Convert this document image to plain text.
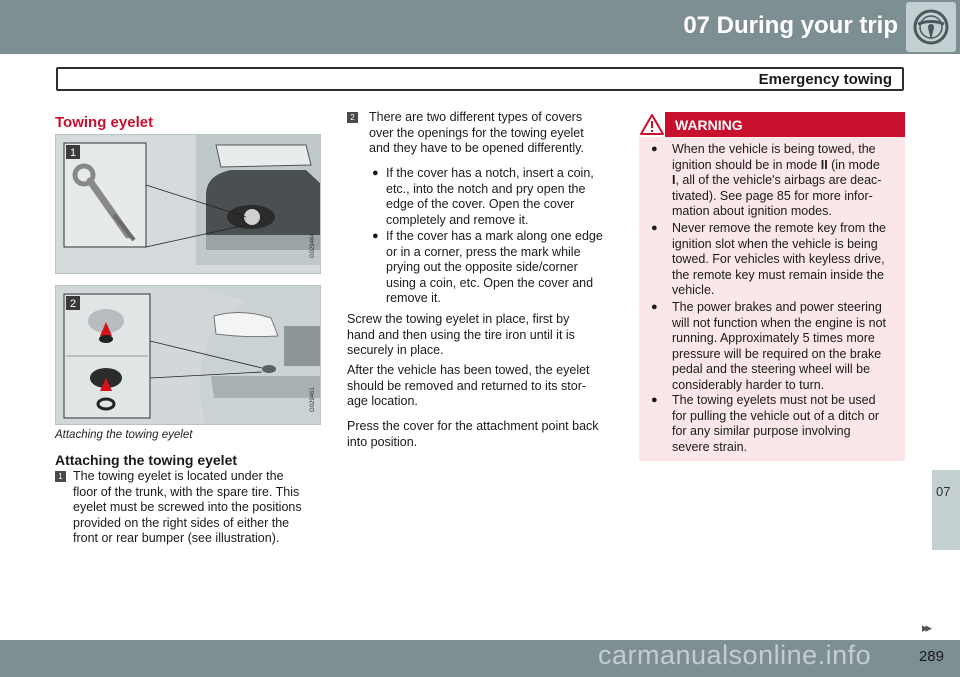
07 During your trip
Emergency towing
Towing eyelet
1
G029464
2
G029461
Attaching the towing eyelet
Attaching the towing eyelet
1 The towing eyelet is located under the
floor of the trunk, with the spare tire. This
eyelet must be screwed into the positions
provided on the right sides of either the
front or rear bumper (see illustration).
2 There are two different types of covers
over the openings for the towing eyelet
and they have to be opened differently.
● If the cover has a notch, insert a coin,
etc., into the notch and pry open the
edge of the cover. Open the cover
completely and remove it.
● If the cover has a mark along one edge
or in a corner, press the mark while
prying out the opposite side/corner
using a coin, etc. Open the cover and
remove it.
Screw the towing eyelet in place, first by
hand and then using the tire iron until it is
securely in place.
After the vehicle has been towed, the eyelet
should be removed and returned to its stor-
age location.
Press the cover for the attachment point back
into position.
WARNING
●	When the vehicle is being towed, the
ignition should be in mode II (in mode
I, all of the vehicle's airbags are deac-
tivated). See page 85 for more infor-
mation about ignition modes.
●	Never remove the remote key from the
ignition slot when the vehicle is being
towed. For vehicles with keyless drive,
the remote key must remain inside the
vehicle.
●	The power brakes and power steering
will not function when the engine is not
running. Approximately 5 times more
pressure will be required on the brake
pedal and the steering wheel will be
considerably harder to turn.
●	The towing eyelets must not be used
for pulling the vehicle out of a ditch or
for any similar purpose involving
severe strain.
07
▸▸
289
carmanualsonline.info
